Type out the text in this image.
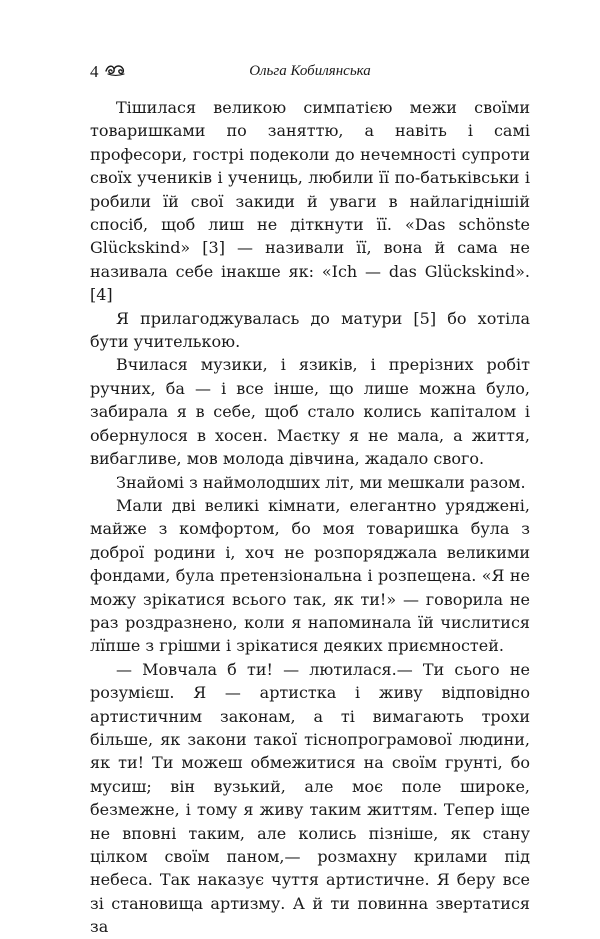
4	Ольга Кобилянська

Тішилася великою симпатією межи своїми товаришками по заняттю, а навіть і самі професори, гострі подеколи до нечемності супроти своїх учеників і учениць, любили її по-батьківськи і робили їй свої закиди й уваги в найлагіднішій спосіб, щоб лиш не діткнути її. «Das schönste Glückskind» [3] — називали її, вона й сама не називала себе інакше як: «Ich — das Glückskind». [4]

Я прилагоджувалась до матури [5] бо хотіла бути учителькою.

Вчилася музики, і язиків, і прерізних робіт ручних, ба — і все інше, що лише можна було, забирала я в себе, щоб стало колись капіталом і обернулося в хосен. Маєтку я не мала, а життя, вибагливе, мов молода дівчина, жадало свого.

Знайомі з наймолодших літ, ми мешкали разом.

Мали дві великі кімнати, елегантно уряджені, майже з комфортом, бо моя товаришка була з доброї родини і, хоч не розпоряджала великими фондами, була претензіональна і розпещена. «Я не можу зрікатися всього так, як ти!» — говорила не раз роздразнено, коли я напоминала їй числитися лїпше з грішми і зрікатися деяких приємностей.

— Мовчала б ти! — лютилася.— Ти сього не розумієш. Я — артистка і живу відповідно артистичним законам, а ті вимагають трохи більше, як закони такої тіснопрограмової людини, як ти! Ти можеш обмежитися на своїм грунті, бо мусиш; він вузький, але моє поле широке, безмежне, і тому я живу таким життям. Тепер іще не вповні таким, але колись пізніше, як стану цілком своїм паном,— розмахну крилами під небеса. Так наказує чуття артистичне. Я беру все зі становища артизму. А й ти повинна звертатися за
